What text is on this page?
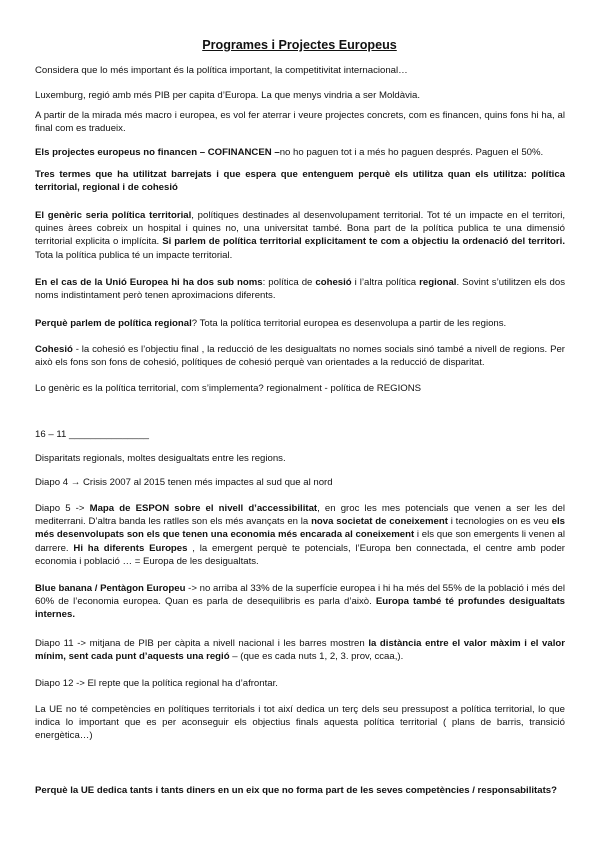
Programes i Projectes Europeus

Considera que lo més important és la política important, la competitivitat internacional…

Luxemburg, regió amb més PIB per capita d’Europa. La que menys vindria a ser Moldàvia.

A partir de la mirada més macro i europea, es vol fer aterrar i veure projectes concrets, com es financen, quins fons hi ha, al final com es tradueix.

Els projectes europeus no financen – COFINANCEN –no ho paguen tot i a més ho paguen després. Paguen el 50%.

Tres termes que ha utilitzat barrejats i que espera que entenguem perquè els utilitza quan els utilitza: política territorial, regional i de cohesió

El genèric seria política territorial, polítiques destinades al desenvolupament territorial. Tot té un impacte en el territori, quines àrees cobreix un hospital i quines no, una universitat també. Bona part de la política publica te una dimensió territorial explicita o implícita. Si parlem de política territorial explicitament te com a objectiu la ordenació del territori. Tota la política publica té un impacte territorial.

En el cas de la Unió Europea hi ha dos sub noms: política de cohesió i l’altra política regional. Sovint s’utilitzen els dos noms indistintament però tenen aproximacions diferents.

Perquè parlem de política regional? Tota la política territorial europea es desenvolupa a partir de les regions.

Cohesió - la cohesió es l’objectiu final , la reducció de les desigualtats no nomes socials sinó també a nivell de regions. Per això els fons son fons de cohesió, polítiques de cohesió perquè van orientades a la reducció de disparitat.

Lo genèric es la política territorial, com s’implementa? regionalment - política de REGIONS

16 – 11 _______________

Disparitats regionals, moltes desigualtats entre les regions.

Diapo 4 → Crisis 2007 al 2015 tenen més impactes al sud que al nord

Diapo 5 -> Mapa de ESPON sobre el nivell d’accessibilitat, en groc les mes potencials que venen a ser les del mediterrani. D’altra banda les ratlles son els més avançats en la nova societat de coneixement i tecnologies on es veu els més desenvolupats son els que tenen una economia més encarada al coneixement i els que son emergents li venen al darrere. Hi ha diferents Europes , la emergent perquè te potencials, l’Europa ben connectada, el centre amb poder economia i població … = Europa de les desigualtats.

Blue banana / Pentàgon Europeu -> no arriba al 33% de la superfície europea i hi ha més del 55% de la població i més del 60% de l’economia europea. Quan es parla de desequilibris es parla d’això. Europa també té profundes desigualtats internes.

Diapo 11 -> mitjana de PIB per càpita a nivell nacional i les barres mostren la distància entre el valor màxim i el valor mínim, sent cada punt d’aquests una regió – (que es cada nuts 1, 2, 3. prov, ccaa,).

Diapo 12 -> El repte que la política regional ha d’afrontar.

La UE no té competències en polítiques territorials i tot així dedica un terç dels seu pressupost a política territorial, lo que indica lo important que es per aconseguir els objectius finals aquesta política territorial ( plans de barris, transició energètica…)

Perquè la UE dedica tants i tants diners en un eix que no forma part de les seves competències / responsabilitats?
